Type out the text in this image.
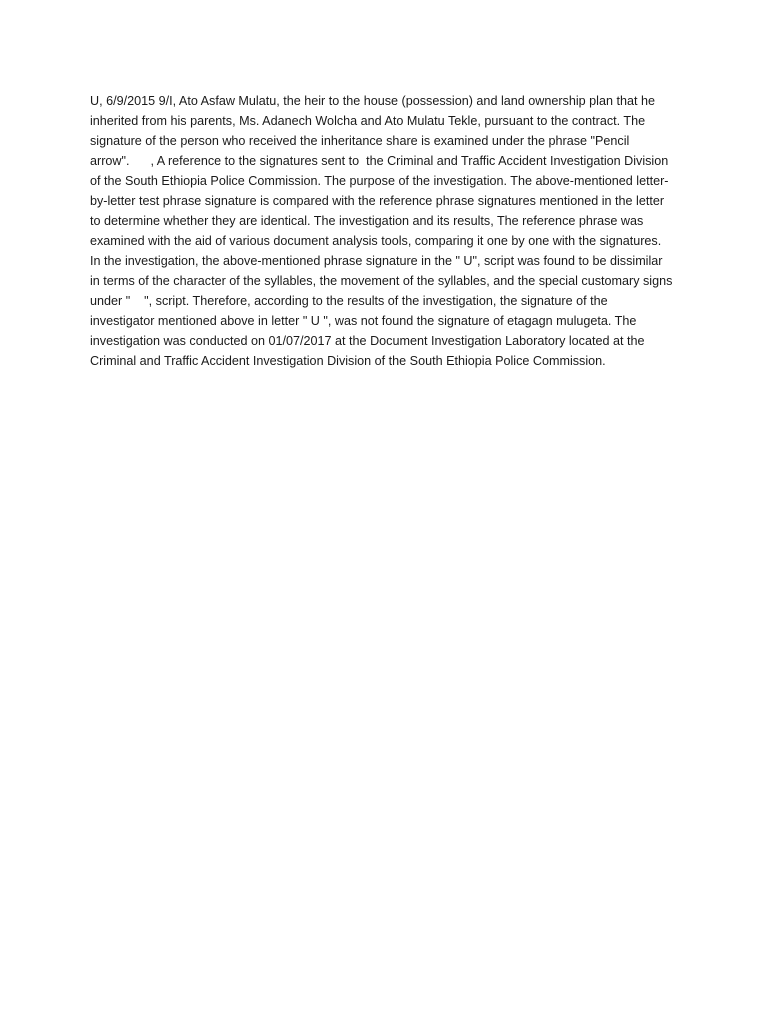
U, 6/9/2015 9/I, Ato Asfaw Mulatu, the heir to the house (possession) and land ownership plan that he
inherited from his parents, Ms. Adanech Wolcha and Ato Mulatu Tekle, pursuant to the contract. The
signature of the person who received the inheritance share is examined under the phrase "Pencil
arrow".      , A reference to the signatures sent to  the Criminal and Traffic Accident Investigation Division
of the South Ethiopia Police Commission. The purpose of the investigation. The above-mentioned letter-
by-letter test phrase signature is compared with the reference phrase signatures mentioned in the letter
to determine whether they are identical. The investigation and its results, The reference phrase was
examined with the aid of various document analysis tools, comparing it one by one with the signatures.
In the investigation, the above-mentioned phrase signature in the " U", script was found to be dissimilar
in terms of the character of the syllables, the movement of the syllables, and the special customary signs
under "    ", script. Therefore, according to the results of the investigation, the signature of the
investigator mentioned above in letter " U ", was not found the signature of etagagn mulugeta. The
investigation was conducted on 01/07/2017 at the Document Investigation Laboratory located at the
Criminal and Traffic Accident Investigation Division of the South Ethiopia Police Commission.
